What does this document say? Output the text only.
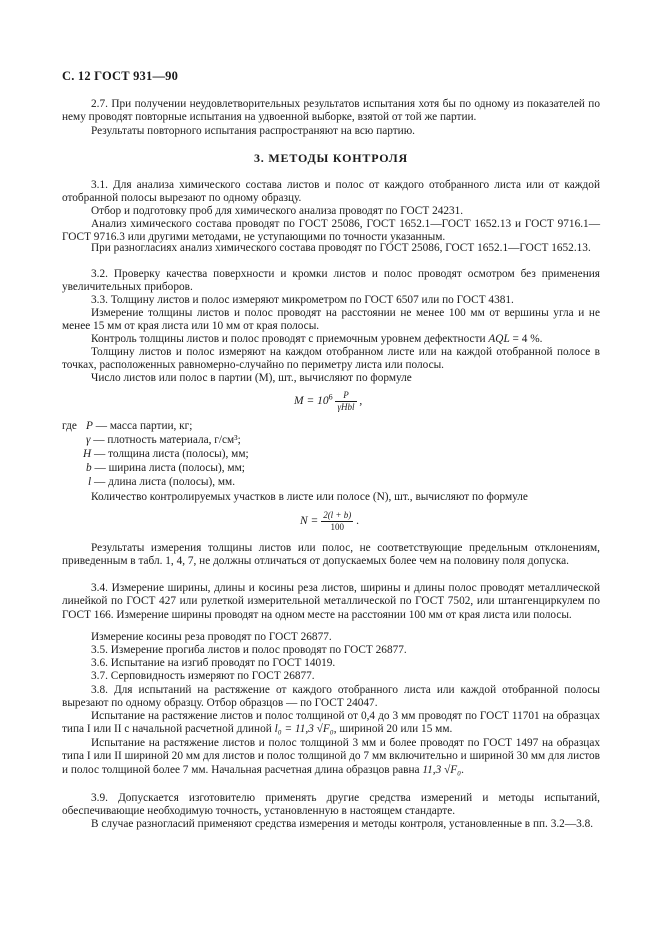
С. 12 ГОСТ 931—90

2.7. При получении неудовлетворительных результатов испытания хотя бы по одному из показателей по нему проводят повторные испытания на удвоенной выборке, взятой от той же партии.

Результаты повторного испытания распространяют на всю партию.

3. МЕТОДЫ КОНТРОЛЯ

3.1. Для анализа химического состава листов и полос от каждого отобранного листа или от каждой отобранной полосы вырезают по одному образцу.

Отбор и подготовку проб для химического анализа проводят по ГОСТ 24231.

Анализ химического состава проводят по ГОСТ 25086, ГОСТ 1652.1—ГОСТ 1652.13 и ГОСТ 9716.1—ГОСТ 9716.3 или другими методами, не уступающими по точности указанным.

При разногласиях анализ химического состава проводят по ГОСТ 25086, ГОСТ 1652.1—ГОСТ 1652.13.

3.2. Проверку качества поверхности и кромки листов и полос проводят осмотром без применения увеличительных приборов.

3.3. Толщину листов и полос измеряют микрометром по ГОСТ 6507 или по ГОСТ 4381.

Измерение толщины листов и полос проводят на расстоянии не менее 100 мм от вершины угла и не менее 15 мм от края листа или 10 мм от края полосы.

Контроль толщины листов и полос проводят с приемочным уровнем дефектности AQL = 4 %.

Толщину листов и полос измеряют на каждом отобранном листе или на каждой отобранной полосе в точках, расположенных равномерно-случайно по периметру листа или полосы.

Число листов или полос в партии (M), шт., вычисляют по формуле

$M = 10^6 \frac{P}{\text{γHbl}}$ ,
где P — масса партии, кг;
γ — плотность материала, г/см³;
H — толщина листа (полосы), мм;
b — ширина листа (полосы), мм;
l — длина листа (полосы), мм.

Количество контролируемых участков в листе или полосе (N), шт., вычисляют по формуле

$N = \frac{2(l + b)}{100}$ .

Результаты измерения толщины листов или полос, не соответствующие предельным отклонениям, приведенным в табл. 1, 4, 7, не должны отличаться от допускаемых более чем на половину поля допуска.

3.4. Измерение ширины, длины и косины реза листов, ширины и длины полос проводят металлической линейкой по ГОСТ 427 или рулеткой измерительной металлической по ГОСТ 7502, или штангенциркулем по ГОСТ 166. Измерение ширины проводят на одном месте на расстоянии 100 мм от края листа или полосы.

Измерение косины реза проводят по ГОСТ 26877.

3.5. Измерение прогиба листов и полос проводят по ГОСТ 26877.

3.6. Испытание на изгиб проводят по ГОСТ 14019.

3.7. Серповидность измеряют по ГОСТ 26877.

3.8. Для испытаний на растяжение от каждого отобранного листа или каждой отобранной полосы вырезают по одному образцу. Отбор образцов — по ГОСТ 24047.

Испытание на растяжение листов и полос толщиной от 0,4 до 3 мм проводят по ГОСТ 11701 на образцах типа I или II с начальной расчетной длиной l₀ = 11,3 √F₀, шириной 20 или 15 мм.

Испытание на растяжение листов и полос толщиной 3 мм и более проводят по ГОСТ 1497 на образцах типа I или II шириной 20 мм для листов и полос толщиной до 7 мм включительно и шириной 30 мм для листов и полос толщиной более 7 мм. Начальная расчетная длина образцов равна 11,3 √F₀.

3.9. Допускается изготовителю применять другие средства измерений и методы испытаний, обеспечивающие необходимую точность, установленную в настоящем стандарте.

В случае разногласий применяют средства измерения и методы контроля, установленные в пп. 3.2—3.8.
